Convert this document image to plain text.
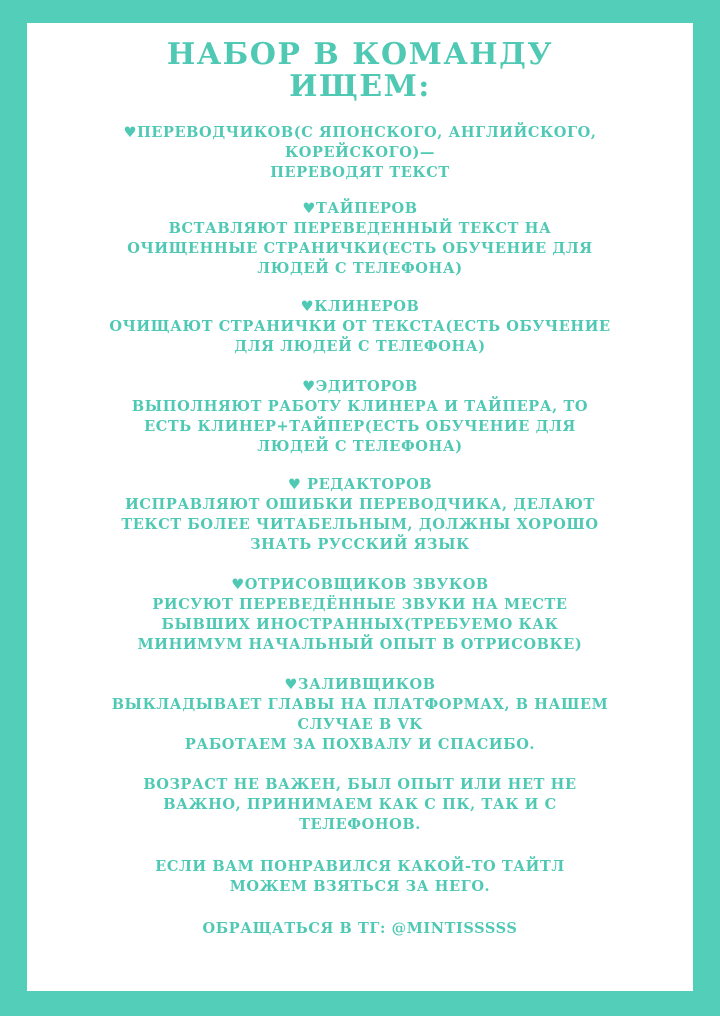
НАБОР В КОМАНДУ
ИЩЕМ:

♥ПЕРЕВОДЧИКОВ(С ЯПОНСКОГО, АНГЛИЙСКОГО,
КОРЕЙСКОГО)—
ПЕРЕВОДЯТ ТЕКСТ

♥ТАЙПЕРОВ
ВСТАВЛЯЮТ ПЕРЕВЕДЕННЫЙ ТЕКСТ НА
ОЧИЩЕННЫЕ СТРАНИЧКИ(ЕСТЬ ОБУЧЕНИЕ ДЛЯ
ЛЮДЕЙ С ТЕЛЕФОНА)

♥КЛИНЕРОВ
ОЧИЩАЮТ СТРАНИЧКИ ОТ ТЕКСТА(ЕСТЬ ОБУЧЕНИЕ
ДЛЯ ЛЮДЕЙ С ТЕЛЕФОНА)

♥ЭДИТОРОВ
ВЫПОЛНЯЮТ РАБОТУ КЛИНЕРА И ТАЙПЕРА, ТО
ЕСТЬ КЛИНЕР+ТАЙПЕР(ЕСТЬ ОБУЧЕНИЕ ДЛЯ
ЛЮДЕЙ С ТЕЛЕФОНА)

♥ РЕДАКТОРОВ
ИСПРАВЛЯЮТ ОШИБКИ ПЕРЕВОДЧИКА, ДЕЛАЮТ
ТЕКСТ БОЛЕЕ ЧИТАБЕЛЬНЫМ, ДОЛЖНЫ ХОРОШО
ЗНАТЬ РУССКИЙ ЯЗЫК

♥ОТРИСОВЩИКОВ ЗВУКОВ
РИСУЮТ ПЕРЕВЕДЁННЫЕ ЗВУКИ НА МЕСТЕ
БЫВШИХ ИНОСТРАННЫХ(ТРЕБУЕМО КАК
МИНИМУМ НАЧАЛЬНЫЙ ОПЫТ В ОТРИСОВКЕ)

♥ЗАЛИВЩИКОВ
ВЫКЛАДЫВАЕТ ГЛАВЫ НА ПЛАТФОРМАХ, В НАШЕМ
СЛУЧАЕ В VK
РАБОТАЕМ ЗА ПОХВАЛУ И СПАСИБО.

ВОЗРАСТ НЕ ВАЖЕН, БЫЛ ОПЫТ ИЛИ НЕТ НЕ
ВАЖНО, ПРИНИМАЕМ КАК С ПК, ТАК И С
ТЕЛЕФОНОВ.

ЕСЛИ ВАМ ПОНРАВИЛСЯ КАКОЙ-ТО ТАЙТЛ
МОЖЕМ ВЗЯТЬСЯ ЗА НЕГО.

ОБРАЩАТЬСЯ В ТГ: @MINTISSSSS
